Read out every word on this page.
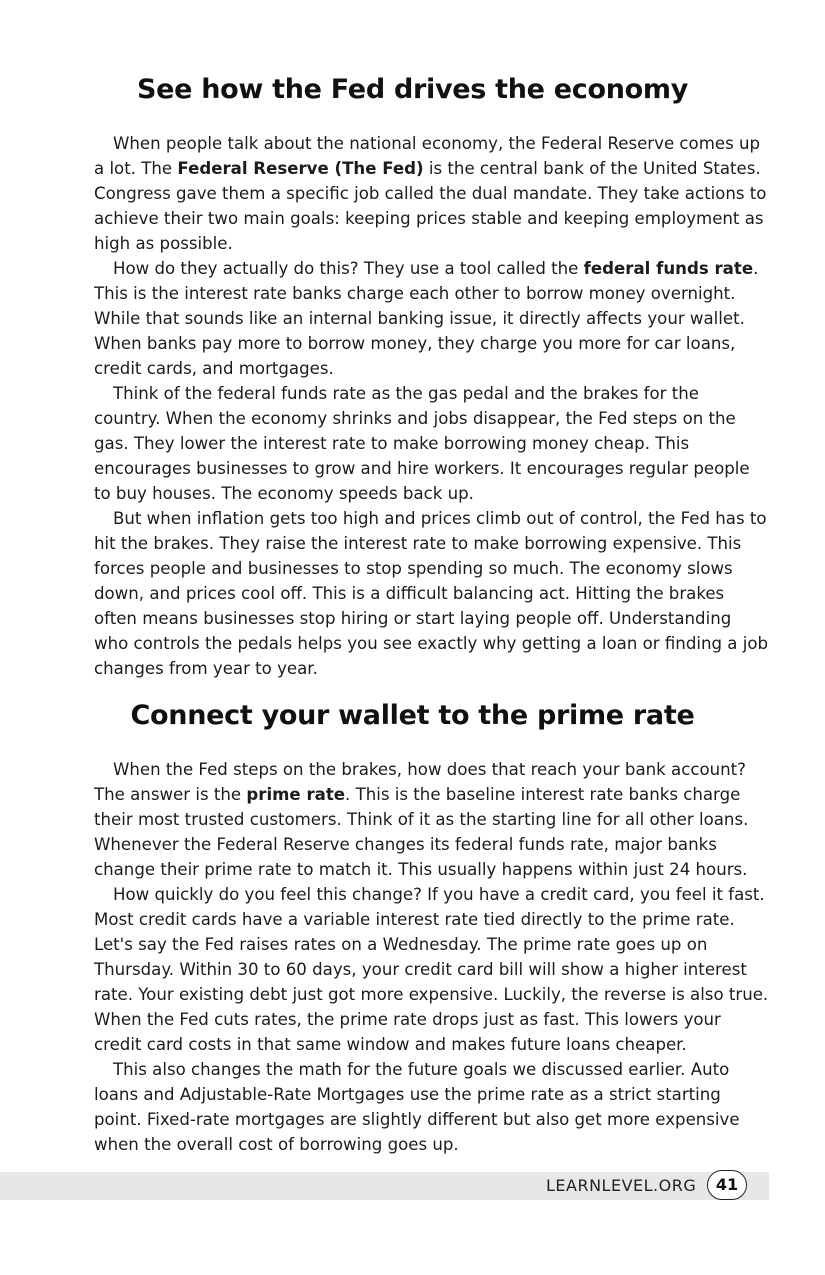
See how the Fed drives the economy

When people talk about the national economy, the Federal Reserve comes up a lot. The Federal Reserve (The Fed) is the central bank of the United States. Congress gave them a specific job called the dual mandate. They take actions to achieve their two main goals: keeping prices stable and keeping employment as high as possible.

How do they actually do this? They use a tool called the federal funds rate. This is the interest rate banks charge each other to borrow money overnight. While that sounds like an internal banking issue, it directly affects your wallet. When banks pay more to borrow money, they charge you more for car loans, credit cards, and mortgages.

Think of the federal funds rate as the gas pedal and the brakes for the country. When the economy shrinks and jobs disappear, the Fed steps on the gas. They lower the interest rate to make borrowing money cheap. This encourages businesses to grow and hire workers. It encourages regular people to buy houses. The economy speeds back up.

But when inflation gets too high and prices climb out of control, the Fed has to hit the brakes. They raise the interest rate to make borrowing expensive. This forces people and businesses to stop spending so much. The economy slows down, and prices cool off. This is a difficult balancing act. Hitting the brakes often means businesses stop hiring or start laying people off. Understanding who controls the pedals helps you see exactly why getting a loan or finding a job changes from year to year.

Connect your wallet to the prime rate

When the Fed steps on the brakes, how does that reach your bank account? The answer is the prime rate. This is the baseline interest rate banks charge their most trusted customers. Think of it as the starting line for all other loans. Whenever the Federal Reserve changes its federal funds rate, major banks change their prime rate to match it. This usually happens within just 24 hours.

How quickly do you feel this change? If you have a credit card, you feel it fast. Most credit cards have a variable interest rate tied directly to the prime rate. Let's say the Fed raises rates on a Wednesday. The prime rate goes up on Thursday. Within 30 to 60 days, your credit card bill will show a higher interest rate. Your existing debt just got more expensive. Luckily, the reverse is also true. When the Fed cuts rates, the prime rate drops just as fast. This lowers your credit card costs in that same window and makes future loans cheaper.

This also changes the math for the future goals we discussed earlier. Auto loans and Adjustable-Rate Mortgages use the prime rate as a strict starting point. Fixed-rate mortgages are slightly different but also get more expensive when the overall cost of borrowing goes up.

LEARNLEVEL.ORG	41
